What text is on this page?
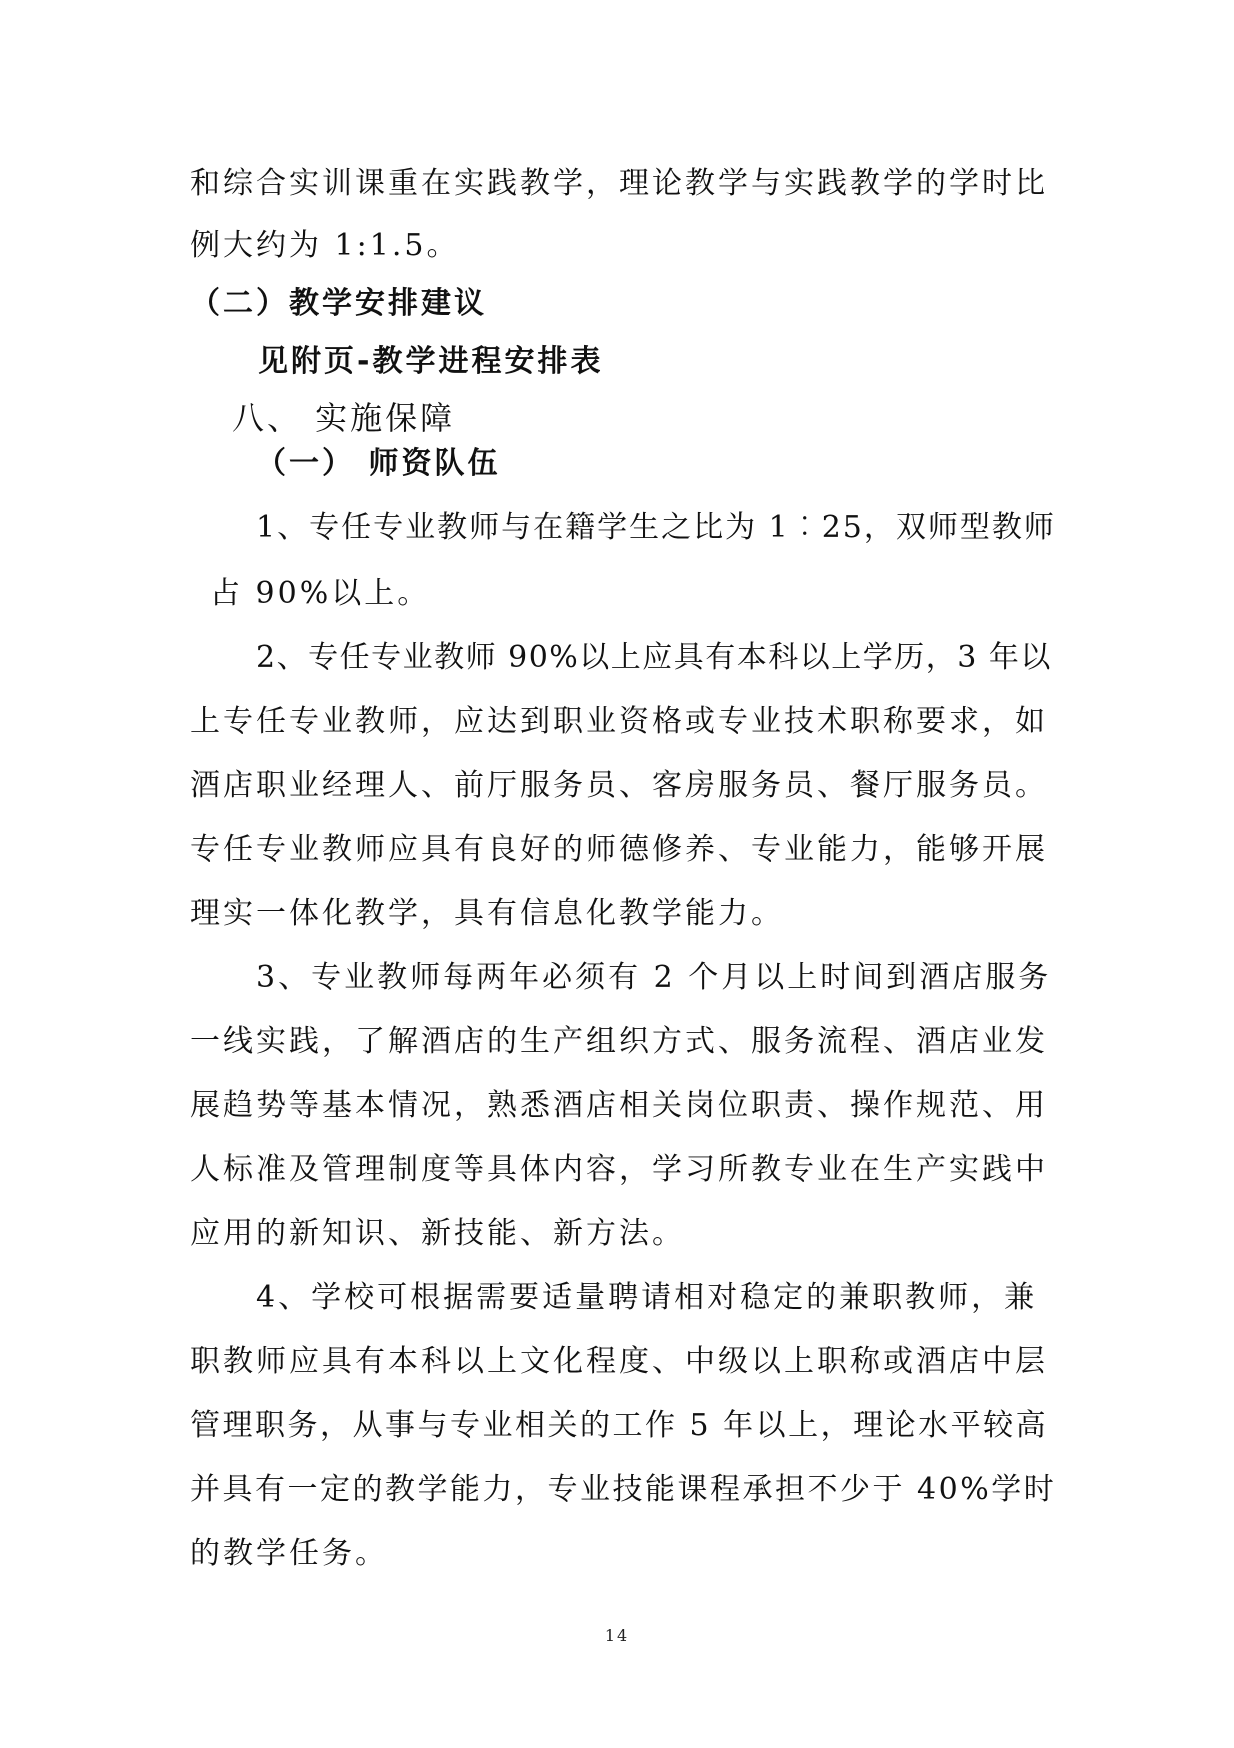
和综合实训课重在实践教学，理论教学与实践教学的学时比
例大约为 1:1.5。
（二）教学安排建议
见附页-教学进程安排表
八、 实施保障
（一） 师资队伍
1、专任专业教师与在籍学生之比为 1︰25，双师型教师
占 90%以上。
2、专任专业教师 90%以上应具有本科以上学历，3 年以
上专任专业教师，应达到职业资格或专业技术职称要求，如
酒店职业经理人、前厅服务员、客房服务员、餐厅服务员。
专任专业教师应具有良好的师德修养、专业能力，能够开展
理实一体化教学，具有信息化教学能力。
3、专业教师每两年必须有 2 个月以上时间到酒店服务
一线实践，了解酒店的生产组织方式、服务流程、酒店业发
展趋势等基本情况，熟悉酒店相关岗位职责、操作规范、用
人标准及管理制度等具体内容，学习所教专业在生产实践中
应用的新知识、新技能、新方法。
4、学校可根据需要适量聘请相对稳定的兼职教师，兼
职教师应具有本科以上文化程度、中级以上职称或酒店中层
管理职务，从事与专业相关的工作 5 年以上，理论水平较高
并具有一定的教学能力，专业技能课程承担不少于 40%学时
的教学任务。
14
